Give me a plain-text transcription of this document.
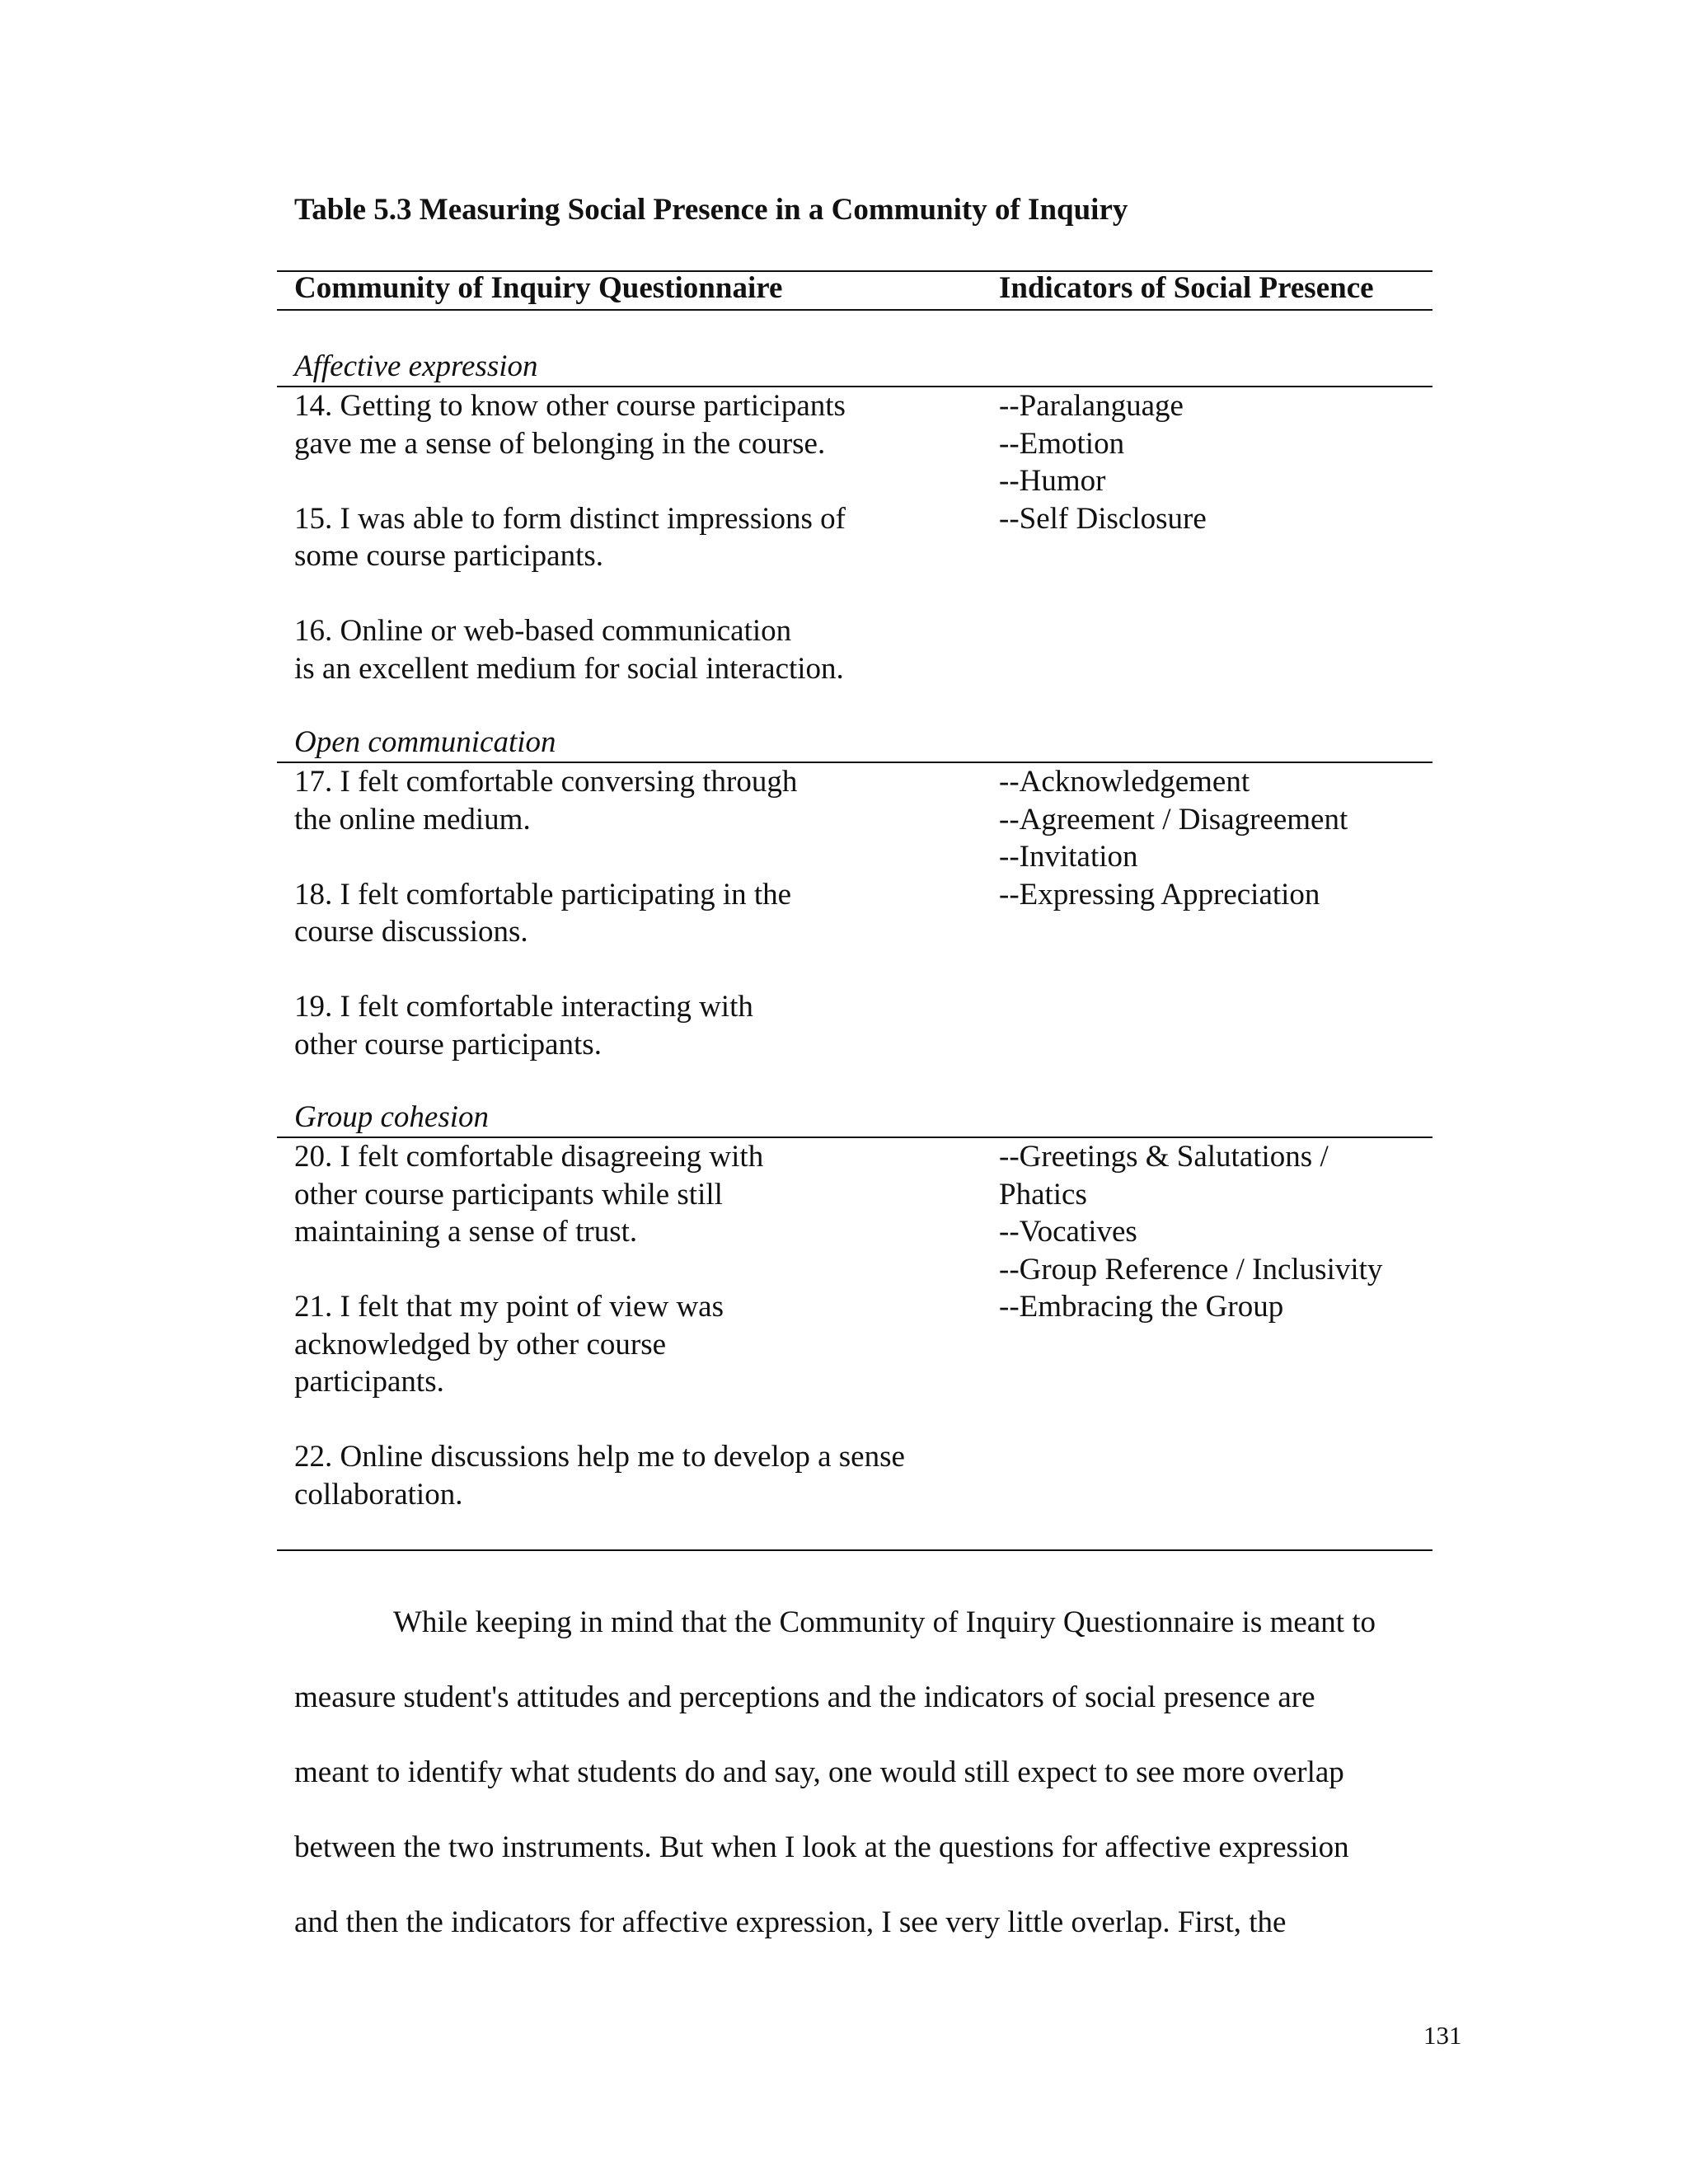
Table 5.3 Measuring Social Presence in a Community of Inquiry
Community of Inquiry Questionnaire	Indicators of Social Presence
Affective expression
14. Getting to know other course participants
gave me a sense of belonging in the course.
15. I was able to form distinct impressions of
some course participants.
16. Online or web-based communication
is an excellent medium for social interaction.
--Paralanguage
--Emotion
--Humor
--Self Disclosure
Open communication
17. I felt comfortable conversing through
the online medium.
18. I felt comfortable participating in the
course discussions.
19. I felt comfortable interacting with
other course participants.
--Acknowledgement
--Agreement / Disagreement
--Invitation
--Expressing Appreciation
Group cohesion
20. I felt comfortable disagreeing with
other course participants while still
maintaining a sense of trust.
21. I felt that my point of view was
acknowledged by other course
participants.
22. Online discussions help me to develop a sense
collaboration.
--Greetings & Salutations /
Phatics
--Vocatives
--Group Reference / Inclusivity
--Embracing the Group
While keeping in mind that the Community of Inquiry Questionnaire is meant to
measure student's attitudes and perceptions and the indicators of social presence are
meant to identify what students do and say, one would still expect to see more overlap
between the two instruments. But when I look at the questions for affective expression
and then the indicators for affective expression, I see very little overlap. First, the
131
